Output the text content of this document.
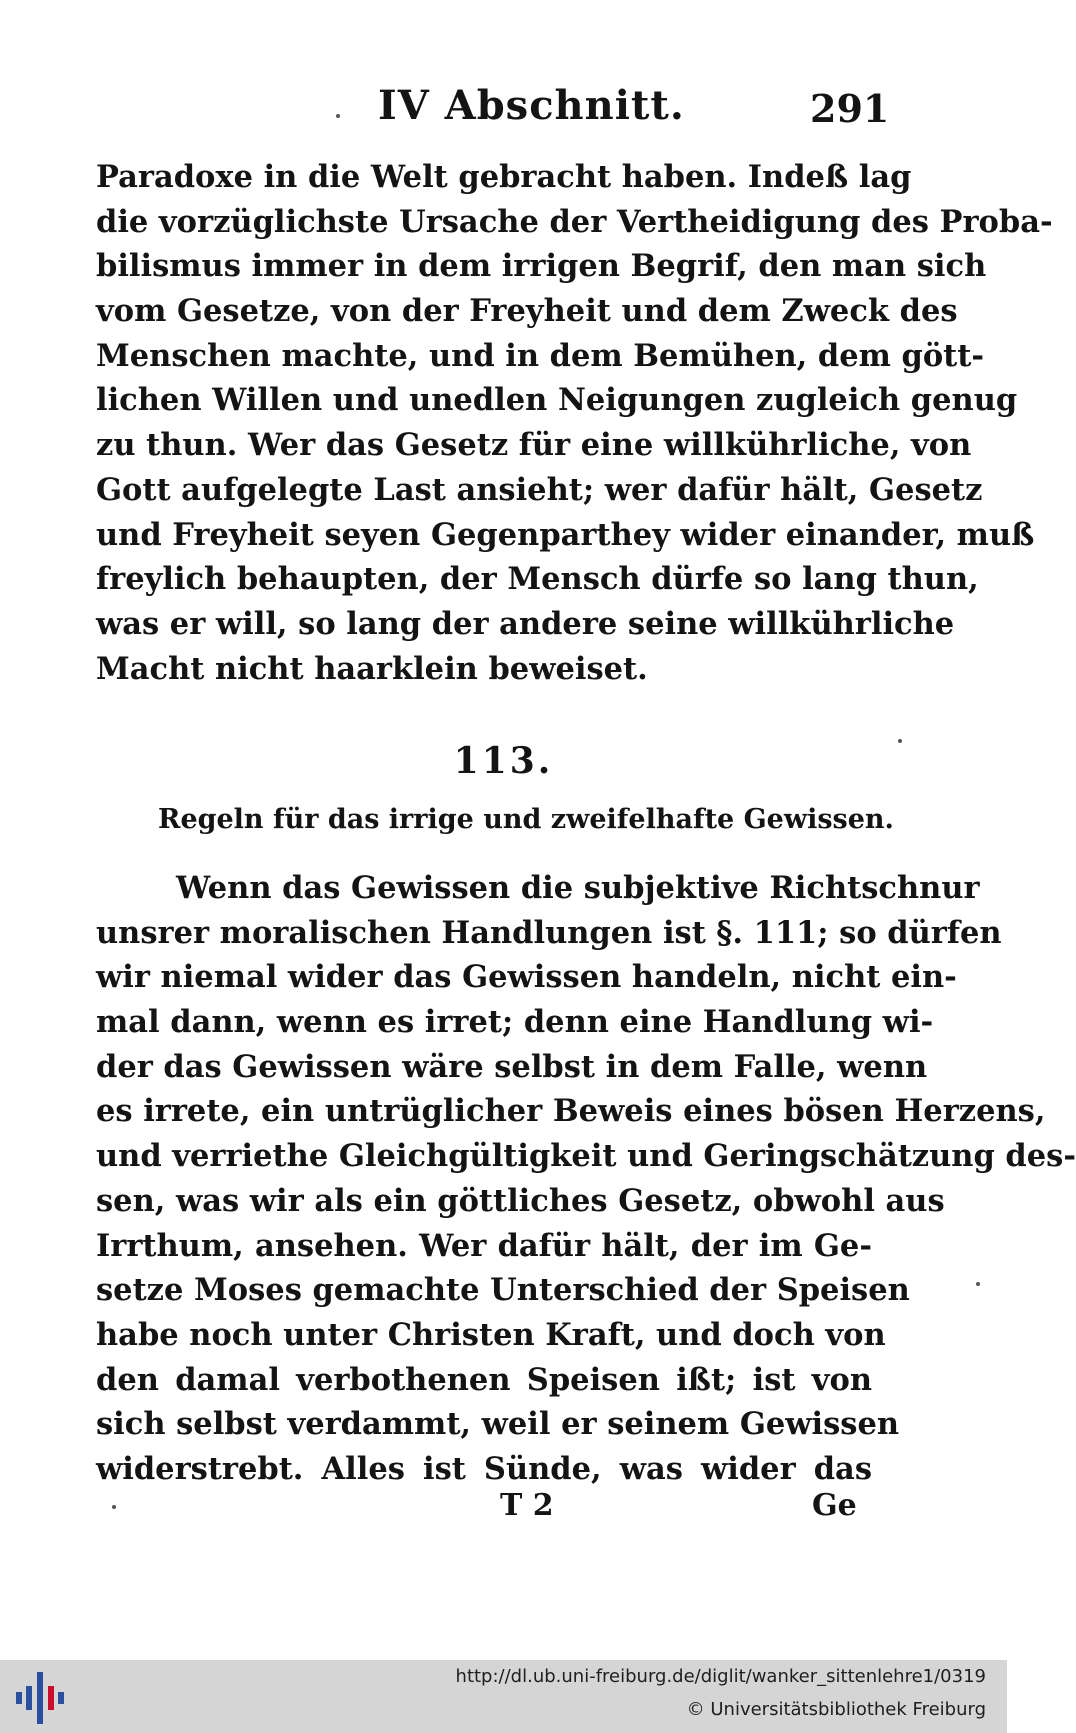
IV Abschnitt.	291
Paradoxe in die Welt gebracht haben. Indeß lag
die vorzüglichste Ursache der Vertheidigung des Proba-
bilismus immer in dem irrigen Begrif, den man sich
vom Gesetze, von der Freyheit und dem Zweck des
Menschen machte, und in dem Bemühen, dem gött-
lichen Willen und unedlen Neigungen zugleich genug
zu thun. Wer das Gesetz für eine willkührliche, von
Gott aufgelegte Last ansieht; wer dafür hält, Gesetz
und Freyheit seyen Gegenparthey wider einander, muß
freylich behaupten, der Mensch dürfe so lang thun,
was er will, so lang der andere seine willkührliche
Macht nicht haarklein beweiset.
113.
Regeln für das irrige und zweifelhafte Gewissen.
Wenn das Gewissen die subjektive Richtschnur
unsrer moralischen Handlungen ist §. 111; so dürfen
wir niemal wider das Gewissen handeln, nicht ein-
mal dann, wenn es irret; denn eine Handlung wi-
der das Gewissen wäre selbst in dem Falle, wenn
es irrete, ein untrüglicher Beweis eines bösen Herzens,
und verriethe Gleichgültigkeit und Geringschätzung des-
sen, was wir als ein göttliches Gesetz, obwohl aus
Irrthum, ansehen. Wer dafür hält, der im Ge-
setze Moses gemachte Unterschied der Speisen
habe noch unter Christen Kraft, und doch von
den damal verbothenen Speisen ißt; ist von
sich selbst verdammt, weil er seinem Gewissen
widerstrebt. Alles ist Sünde, was wider das
T 2	Ge
http://dl.ub.uni-freiburg.de/diglit/wanker_sittenlehre1/0319
© Universitätsbibliothek Freiburg
